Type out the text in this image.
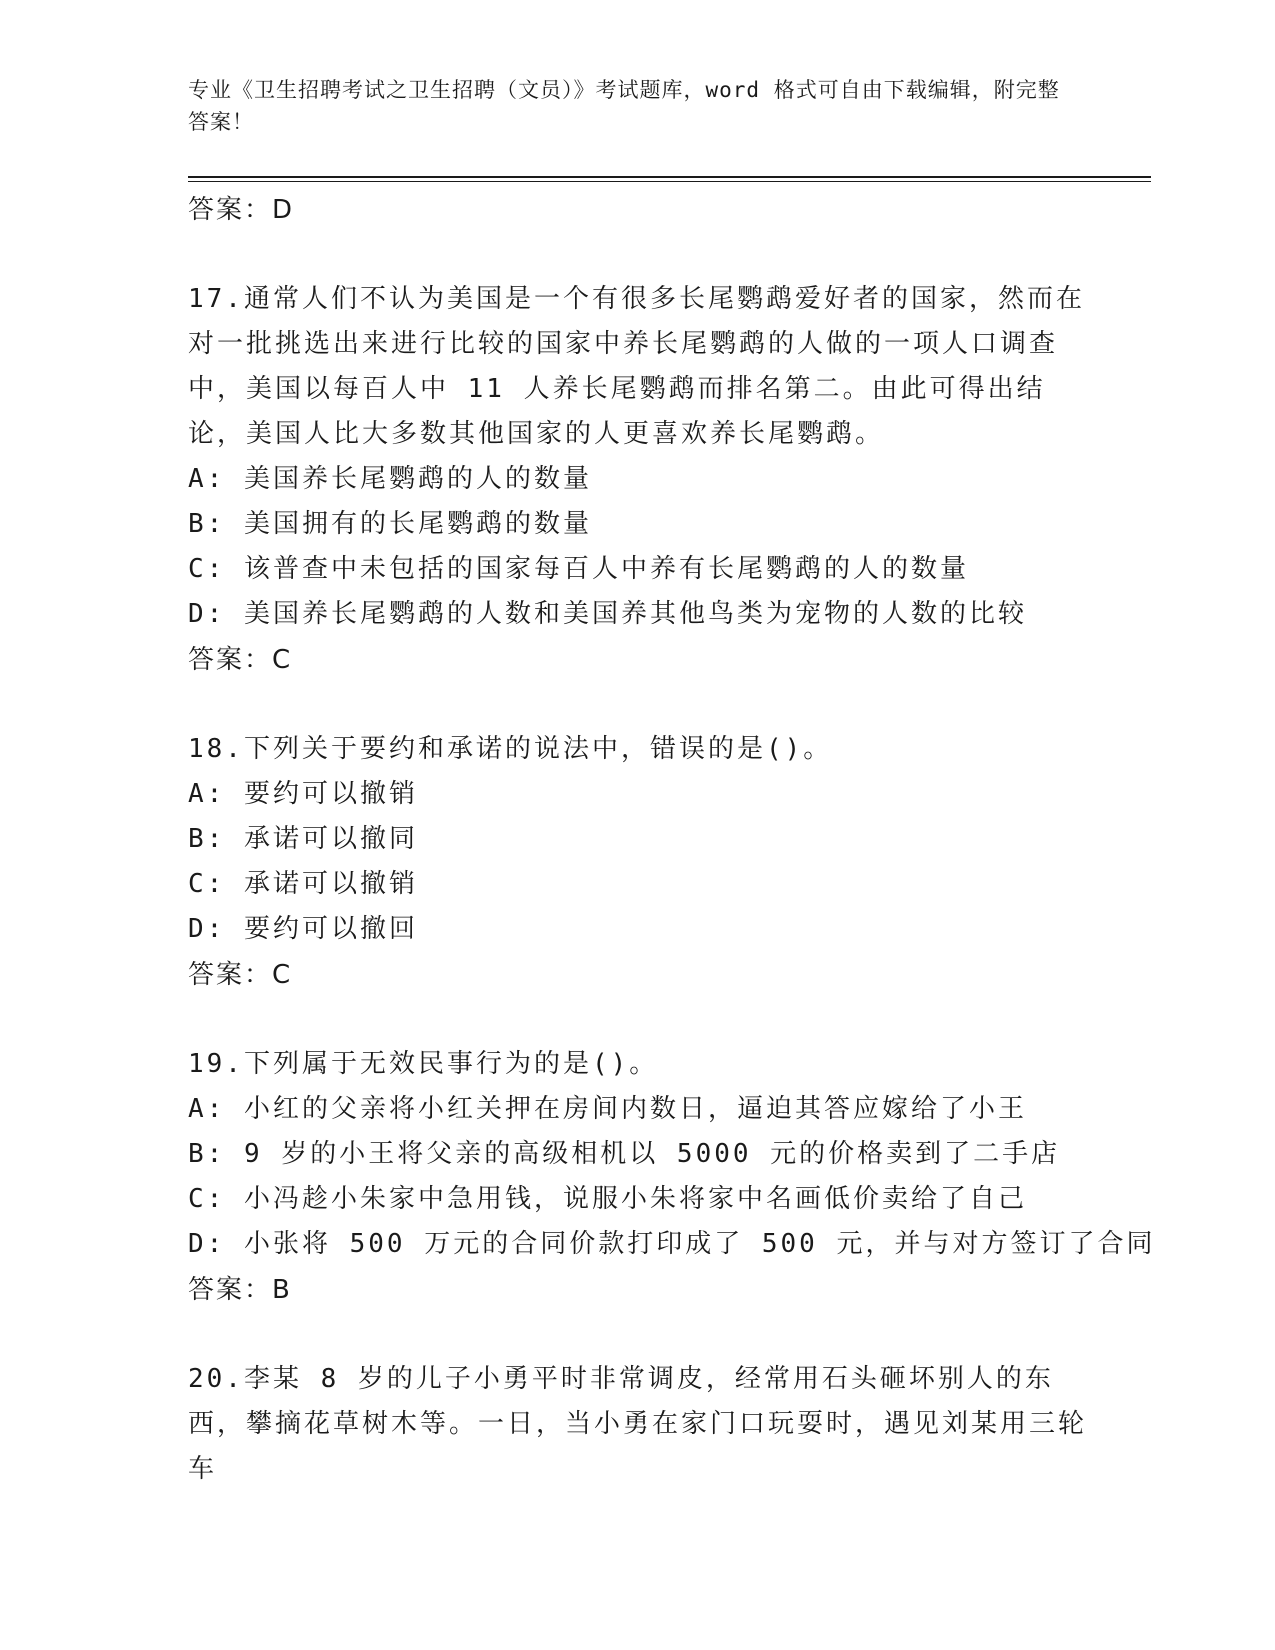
专业《卫生招聘考试之卫生招聘（文员）》考试题库，word 格式可自由下载编辑，附完整答案！
答案：D
17.通常人们不认为美国是一个有很多长尾鹦鹉爱好者的国家，然而在对一批挑选出来进行比较的国家中养长尾鹦鹉的人做的一项人口调查中，美国以每百人中 11 人养长尾鹦鹉而排名第二。由此可得出结论，美国人比大多数其他国家的人更喜欢养长尾鹦鹉。
A: 美国养长尾鹦鹉的人的数量
B: 美国拥有的长尾鹦鹉的数量
C: 该普查中未包括的国家每百人中养有长尾鹦鹉的人的数量
D: 美国养长尾鹦鹉的人数和美国养其他鸟类为宠物的人数的比较
答案：C
18.下列关于要约和承诺的说法中，错误的是()。
A: 要约可以撤销
B: 承诺可以撤同
C: 承诺可以撤销
D: 要约可以撤回
答案：C
19.下列属于无效民事行为的是()。
A: 小红的父亲将小红关押在房间内数日，逼迫其答应嫁给了小王
B: 9 岁的小王将父亲的高级相机以 5000 元的价格卖到了二手店
C: 小冯趁小朱家中急用钱，说服小朱将家中名画低价卖给了自己
D: 小张将 500 万元的合同价款打印成了 500 元，并与对方签订了合同
答案：B
20.李某 8 岁的儿子小勇平时非常调皮，经常用石头砸坏别人的东西，攀摘花草树木等。一日，当小勇在家门口玩耍时，遇见刘某用三轮车
